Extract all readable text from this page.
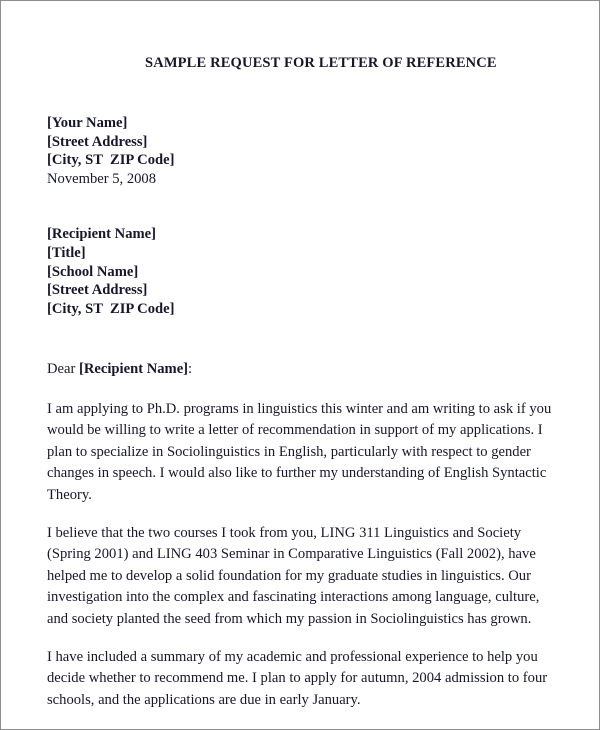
SAMPLE REQUEST FOR LETTER OF REFERENCE
[Your Name]
[Street Address]
[City, ST  ZIP Code]
November 5, 2008
[Recipient Name]
[Title]
[School Name]
[Street Address]
[City, ST  ZIP Code]
Dear [Recipient Name]:

I am applying to Ph.D. programs in linguistics this winter and am writing to ask if you would be willing to write a letter of recommendation in support of my applications. I plan to specialize in Sociolinguistics in English, particularly with respect to gender changes in speech. I would also like to further my understanding of English Syntactic Theory.

I believe that the two courses I took from you, LING 311 Linguistics and Society (Spring 2001) and LING 403 Seminar in Comparative Linguistics (Fall 2002), have helped me to develop a solid foundation for my graduate studies in linguistics. Our investigation into the complex and fascinating interactions among language, culture, and society planted the seed from which my passion in Sociolinguistics has grown.

I have included a summary of my academic and professional experience to help you decide whether to recommend me. I plan to apply for autumn, 2004 admission to four schools, and the applications are due in early January.
